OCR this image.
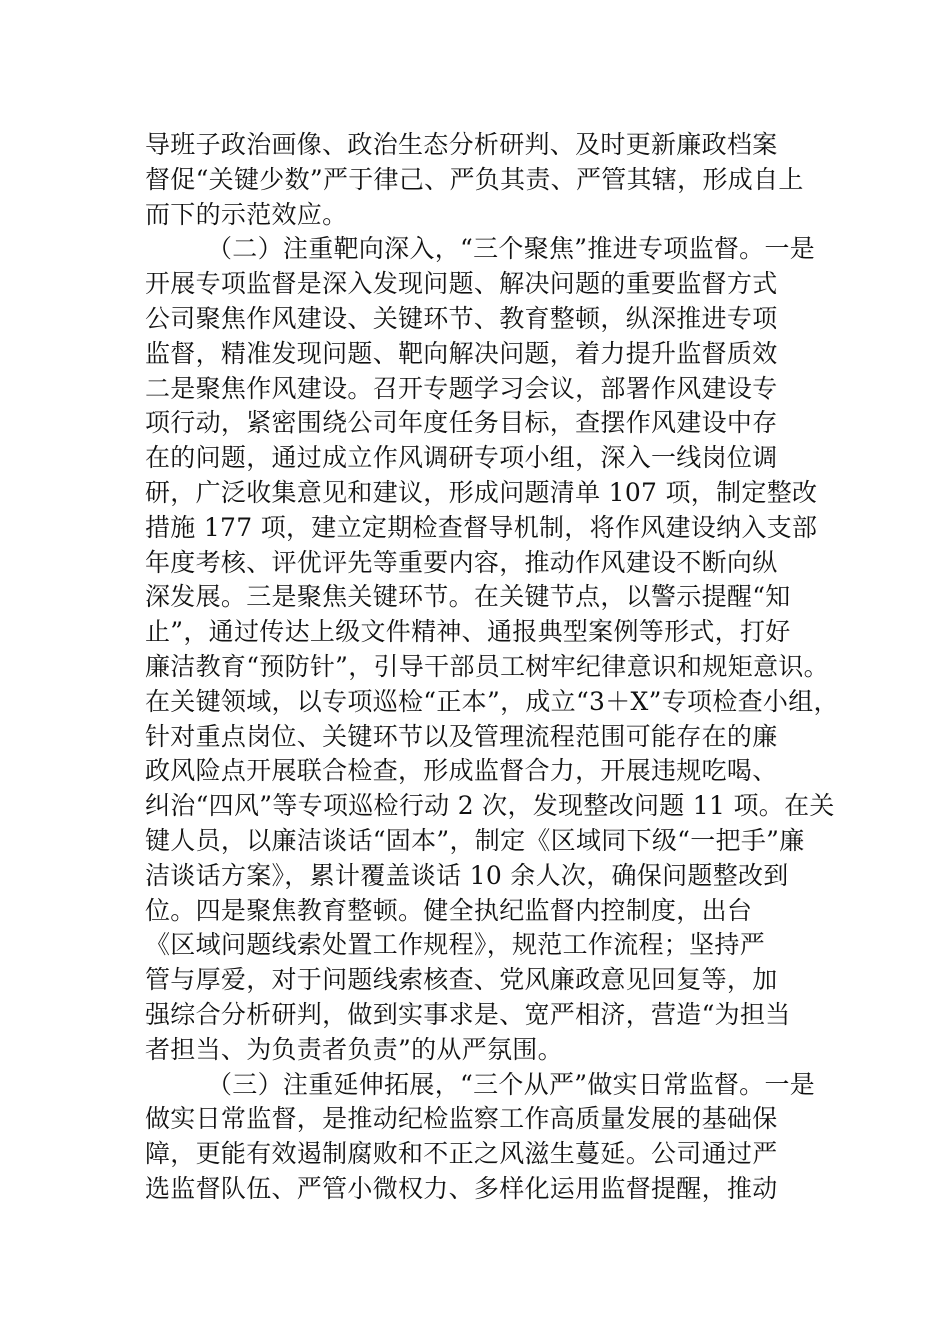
导班子政治画像、政治生态分析研判、及时更新廉政档案
督促“关键少数”严于律己、严负其责、严管其辖，形成自上
而下的示范效应。
（二）注重靶向深入，“三个聚焦”推进专项监督。一是
开展专项监督是深入发现问题、解决问题的重要监督方式
公司聚焦作风建设、关键环节、教育整顿，纵深推进专项
监督，精准发现问题、靶向解决问题，着力提升监督质效
二是聚焦作风建设。召开专题学习会议，部署作风建设专
项行动，紧密围绕公司年度任务目标，查摆作风建设中存
在的问题，通过成立作风调研专项小组，深入一线岗位调
研，广泛收集意见和建议，形成问题清单 107 项，制定整改
措施 177 项，建立定期检查督导机制，将作风建设纳入支部
年度考核、评优评先等重要内容，推动作风建设不断向纵
深发展。三是聚焦关键环节。在关键节点，以警示提醒“知
止”，通过传达上级文件精神、通报典型案例等形式，打好
廉洁教育“预防针”，引导干部员工树牢纪律意识和规矩意识。
在关键领域，以专项巡检“正本”，成立“3＋X”专项检查小组，
针对重点岗位、关键环节以及管理流程范围可能存在的廉
政风险点开展联合检查，形成监督合力，开展违规吃喝、
纠治“四风”等专项巡检行动 2 次，发现整改问题 11 项。在关
键人员，以廉洁谈话“固本”，制定《区域同下级“一把手”廉
洁谈话方案》，累计覆盖谈话 10 余人次，确保问题整改到
位。四是聚焦教育整顿。健全执纪监督内控制度，出台
《区域问题线索处置工作规程》，规范工作流程；坚持严
管与厚爱，对于问题线索核查、党风廉政意见回复等，加
强综合分析研判，做到实事求是、宽严相济，营造“为担当
者担当、为负责者负责”的从严氛围。
（三）注重延伸拓展，“三个从严”做实日常监督。一是
做实日常监督，是推动纪检监察工作高质量发展的基础保
障，更能有效遏制腐败和不正之风滋生蔓延。公司通过严
选监督队伍、严管小微权力、多样化运用监督提醒，推动
